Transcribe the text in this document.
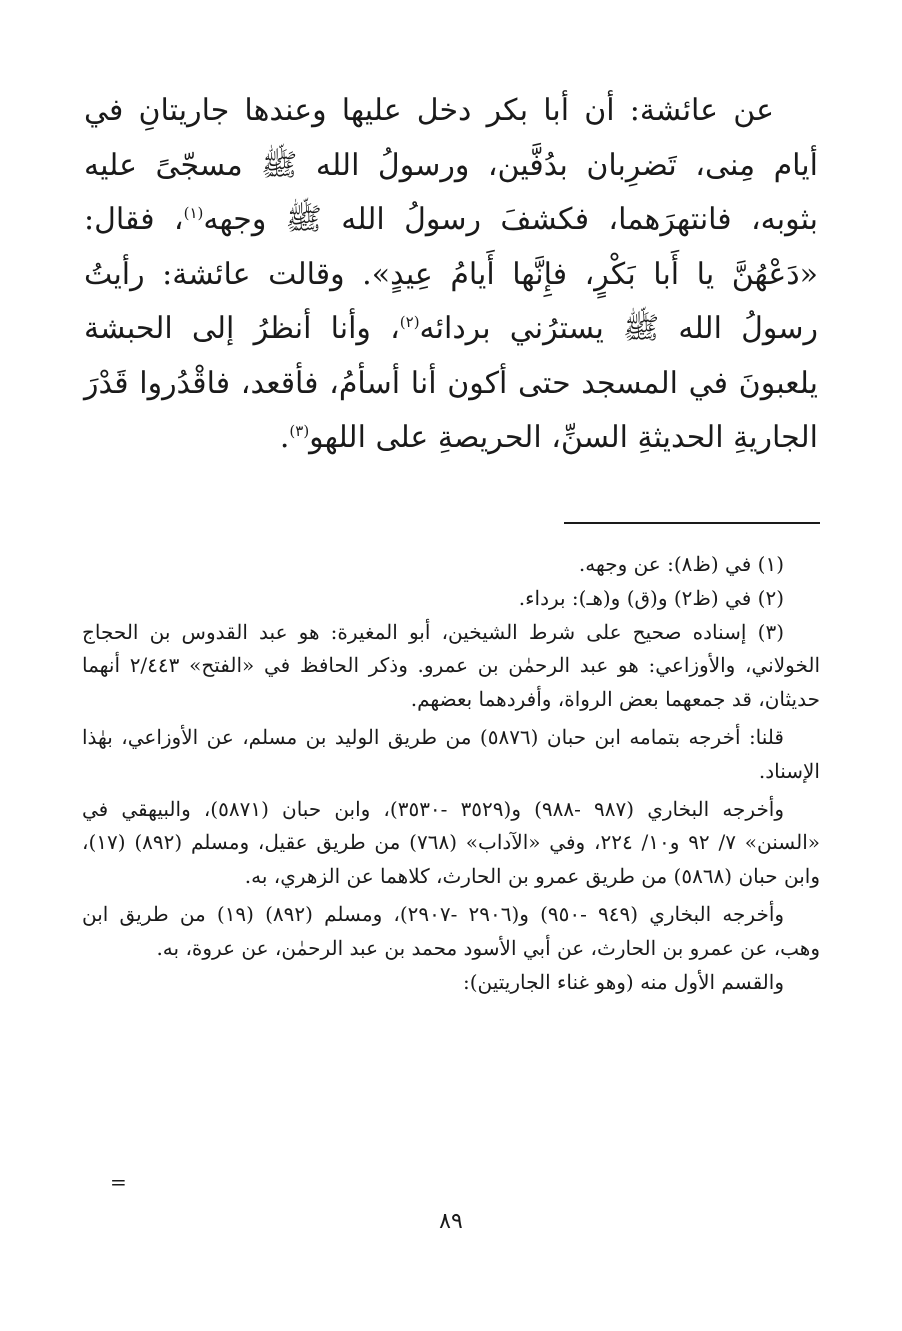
عن عائشة: أن أبا بكر دخل عليها وعندها جاريتانِ في أيام مِنى، تَضرِبان بدُفَّين، ورسولُ الله ﷺ مسجّىً عليه بثوبه، فانتهرَهما، فكشفَ رسولُ الله ﷺ وجهه$^{(١)}$، فقال: «دَعْهُنَّ يا أَبا بَكْرٍ، فإِنَّها أَيامُ عِيدٍ». وقالت عائشة: رأيتُ رسولُ الله ﷺ يسترُني بردائه$^{(٢)}$، وأنا أنظرُ إلى الحبشة يلعبونَ في المسجد حتى أكون أنا أسأمُ، فأقعد، فاقْدُروا قَدْرَ الجاريةِ الحديثةِ السنِّ، الحريصةِ على اللهو$^{(٣)}$.

(١) في (ظ٨): عن وجهه.

(٢) في (ظ٢) و(ق) و(هـ): برداء.

(٣) إسناده صحيح على شرط الشيخين، أبو المغيرة: هو عبد القدوس بن الحجاج الخولاني، والأوزاعي: هو عبد الرحمٰن بن عمرو. وذكر الحافظ في «الفتح» ٢/٤٤٣ أنهما حديثان، قد جمعهما بعض الرواة، وأفردهما بعضهم.

قلنا: أخرجه بتمامه ابن حبان (٥٨٧٦) من طريق الوليد بن مسلم، عن الأوزاعي، بهٰذا الإسناد.

وأخرجه البخاري (٩٨٧ -٩٨٨) و(٣٥٢٩ -٣٥٣٠)، وابن حبان (٥٨٧١)، والبيهقي في «السنن» ٧/ ٩٢ و١٠/ ٢٢٤، وفي «الآداب» (٧٦٨) من طريق عقيل، ومسلم (٨٩٢) (١٧)، وابن حبان (٥٨٦٨) من طريق عمرو بن الحارث، كلاهما عن الزهري، به.

وأخرجه البخاري (٩٤٩ -٩٥٠) و(٢٩٠٦ -٢٩٠٧)، ومسلم (٨٩٢) (١٩) من طريق ابن وهب، عن عمرو بن الحارث، عن أبي الأسود محمد بن عبد الرحمٰن، عن عروة، به.

والقسم الأول منه (وهو غناء الجاريتين):

=
٨٩
